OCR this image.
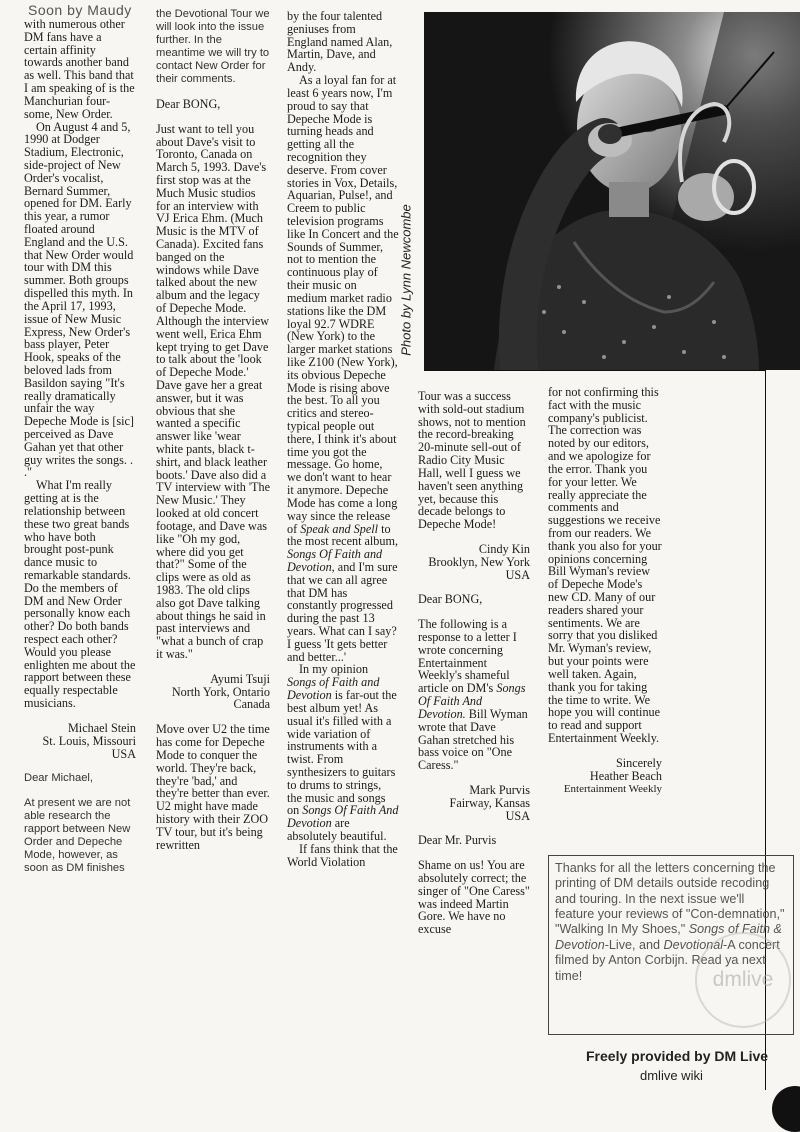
Soon by Maudy

with numerous other DM fans have a certain affinity towards another band as well. This band that I am speaking of is the Manchurian four-some, New Order.

On August 4 and 5, 1990 at Dodger Stadium, Electronic, side-project of New Order's vocalist, Bernard Summer, opened for DM. Early this year, a rumor floated around England and the U.S. that New Order would tour with DM this summer. Both groups dispelled this myth. In the April 17, 1993, issue of New Music Express, New Order's bass player, Peter Hook, speaks of the beloved lads from Basildon saying "It's really dramatically unfair the way Depeche Mode is [sic] perceived as Dave Gahan yet that other guy writes the songs. . ."

What I'm really getting at is the relationship between these two great bands who have both brought post-punk dance music to remarkable standards. Do the members of DM and New Order personally know each other? Do both bands respect each other? Would you please enlighten me about the rapport between these equally respectable musicians.

Michael Stein
St. Louis, Missouri
USA

Dear Michael,

At present we are not able research the rapport between New Order and Depeche Mode, however, as soon as DM finishes

the Devotional Tour we will look into the issue further. In the meantime we will try to contact New Order for their comments.

Dear BONG,

Just want to tell you about Dave's visit to Toronto, Canada on March 5, 1993. Dave's first stop was at the Much Music studios for an interview with VJ Erica Ehm. (Much Music is the MTV of Canada). Excited fans banged on the windows while Dave talked about the new album and the legacy of Depeche Mode. Although the interview went well, Erica Ehm kept trying to get Dave to talk about the 'look of Depeche Mode.' Dave gave her a great answer, but it was obvious that she wanted a specific answer like 'wear white pants, black t-shirt, and black leather boots.' Dave also did a TV interview with 'The New Music.' They looked at old concert footage, and Dave was like "Oh my god, where did you get that?" Some of the clips were as old as 1983. The old clips also got Dave talking about things he said in past interviews and "what a bunch of crap it was."

Ayumi Tsuji
North York, Ontario
Canada

Move over U2 the time has come for Depeche Mode to conquer the world. They're back, they're 'bad,' and they're better than ever. U2 might have made history with their ZOO TV tour, but it's being rewritten

by the four talented geniuses from England named Alan, Martin, Dave, and Andy.

As a loyal fan for at least 6 years now, I'm proud to say that Depeche Mode is turning heads and getting all the recognition they deserve. From cover stories in Vox, Details, Aquarian, Pulse!, and Creem to public television programs like In Concert and the Sounds of Summer, not to mention the continuous play of their music on medium market radio stations like the DM loyal 92.7 WDRE (New York) to the larger market stations like Z100 (New York), its obvious Depeche Mode is rising above the best. To all you critics and stereo-typical people out there, I think it's about time you got the message. Go home, we don't want to hear it anymore. Depeche Mode has come a long way since the release of Speak and Spell to the most recent album, Songs Of Faith and Devotion, and I'm sure that we can all agree that DM has constantly progressed during the past 13 years. What can I say? I guess 'It gets better and better...'

In my opinion Songs of Faith and Devotion is far-out the best album yet! As usual it's filled with a wide variation of instruments with a twist. From synthesizers to guitars to drums to strings, the music and songs on Songs Of Faith And Devotion are absolutely beautiful.

If fans think that the World Violation

Photo by Lynn Newcombe

Tour was a success with sold-out stadium shows, not to mention the record-breaking 20-minute sell-out of Radio City Music Hall, well I guess we haven't seen anything yet, because this decade belongs to Depeche Mode!

Cindy Kin
Brooklyn, New York
USA

Dear BONG,

The following is a response to a letter I wrote concerning Entertainment Weekly's shameful article on DM's Songs Of Faith And Devotion. Bill Wyman wrote that Dave Gahan stretched his bass voice on "One Caress."

Mark Purvis
Fairway, Kansas
USA

Dear Mr. Purvis

Shame on us! You are absolutely correct; the singer of "One Caress" was indeed Martin Gore. We have no excuse

for not confirming this fact with the music company's publicist. The correction was noted by our editors, and we apologize for the error. Thank you for your letter. We really appreciate the comments and suggestions we receive from our readers. We thank you also for your opinions concerning Bill Wyman's review of Depeche Mode's new CD. Many of our readers shared your sentiments. We are sorry that you disliked Mr. Wyman's review, but your points were well taken. Again, thank you for taking the time to write. We hope you will continue to read and support Entertainment Weekly.

Sincerely
Heather Beach
Entertainment Weekly

Thanks for all the letters concerning the printing of DM details outside recoding and touring. In the next issue we'll feature your reviews of "Con-demnation," "Walking In My Shoes," Songs of Faith & Devotion-Live, and Devotional-A concert filmed by Anton Corbijn. Read ya next time!	dmlive
Freely provided by DM Live
dmlive wiki
